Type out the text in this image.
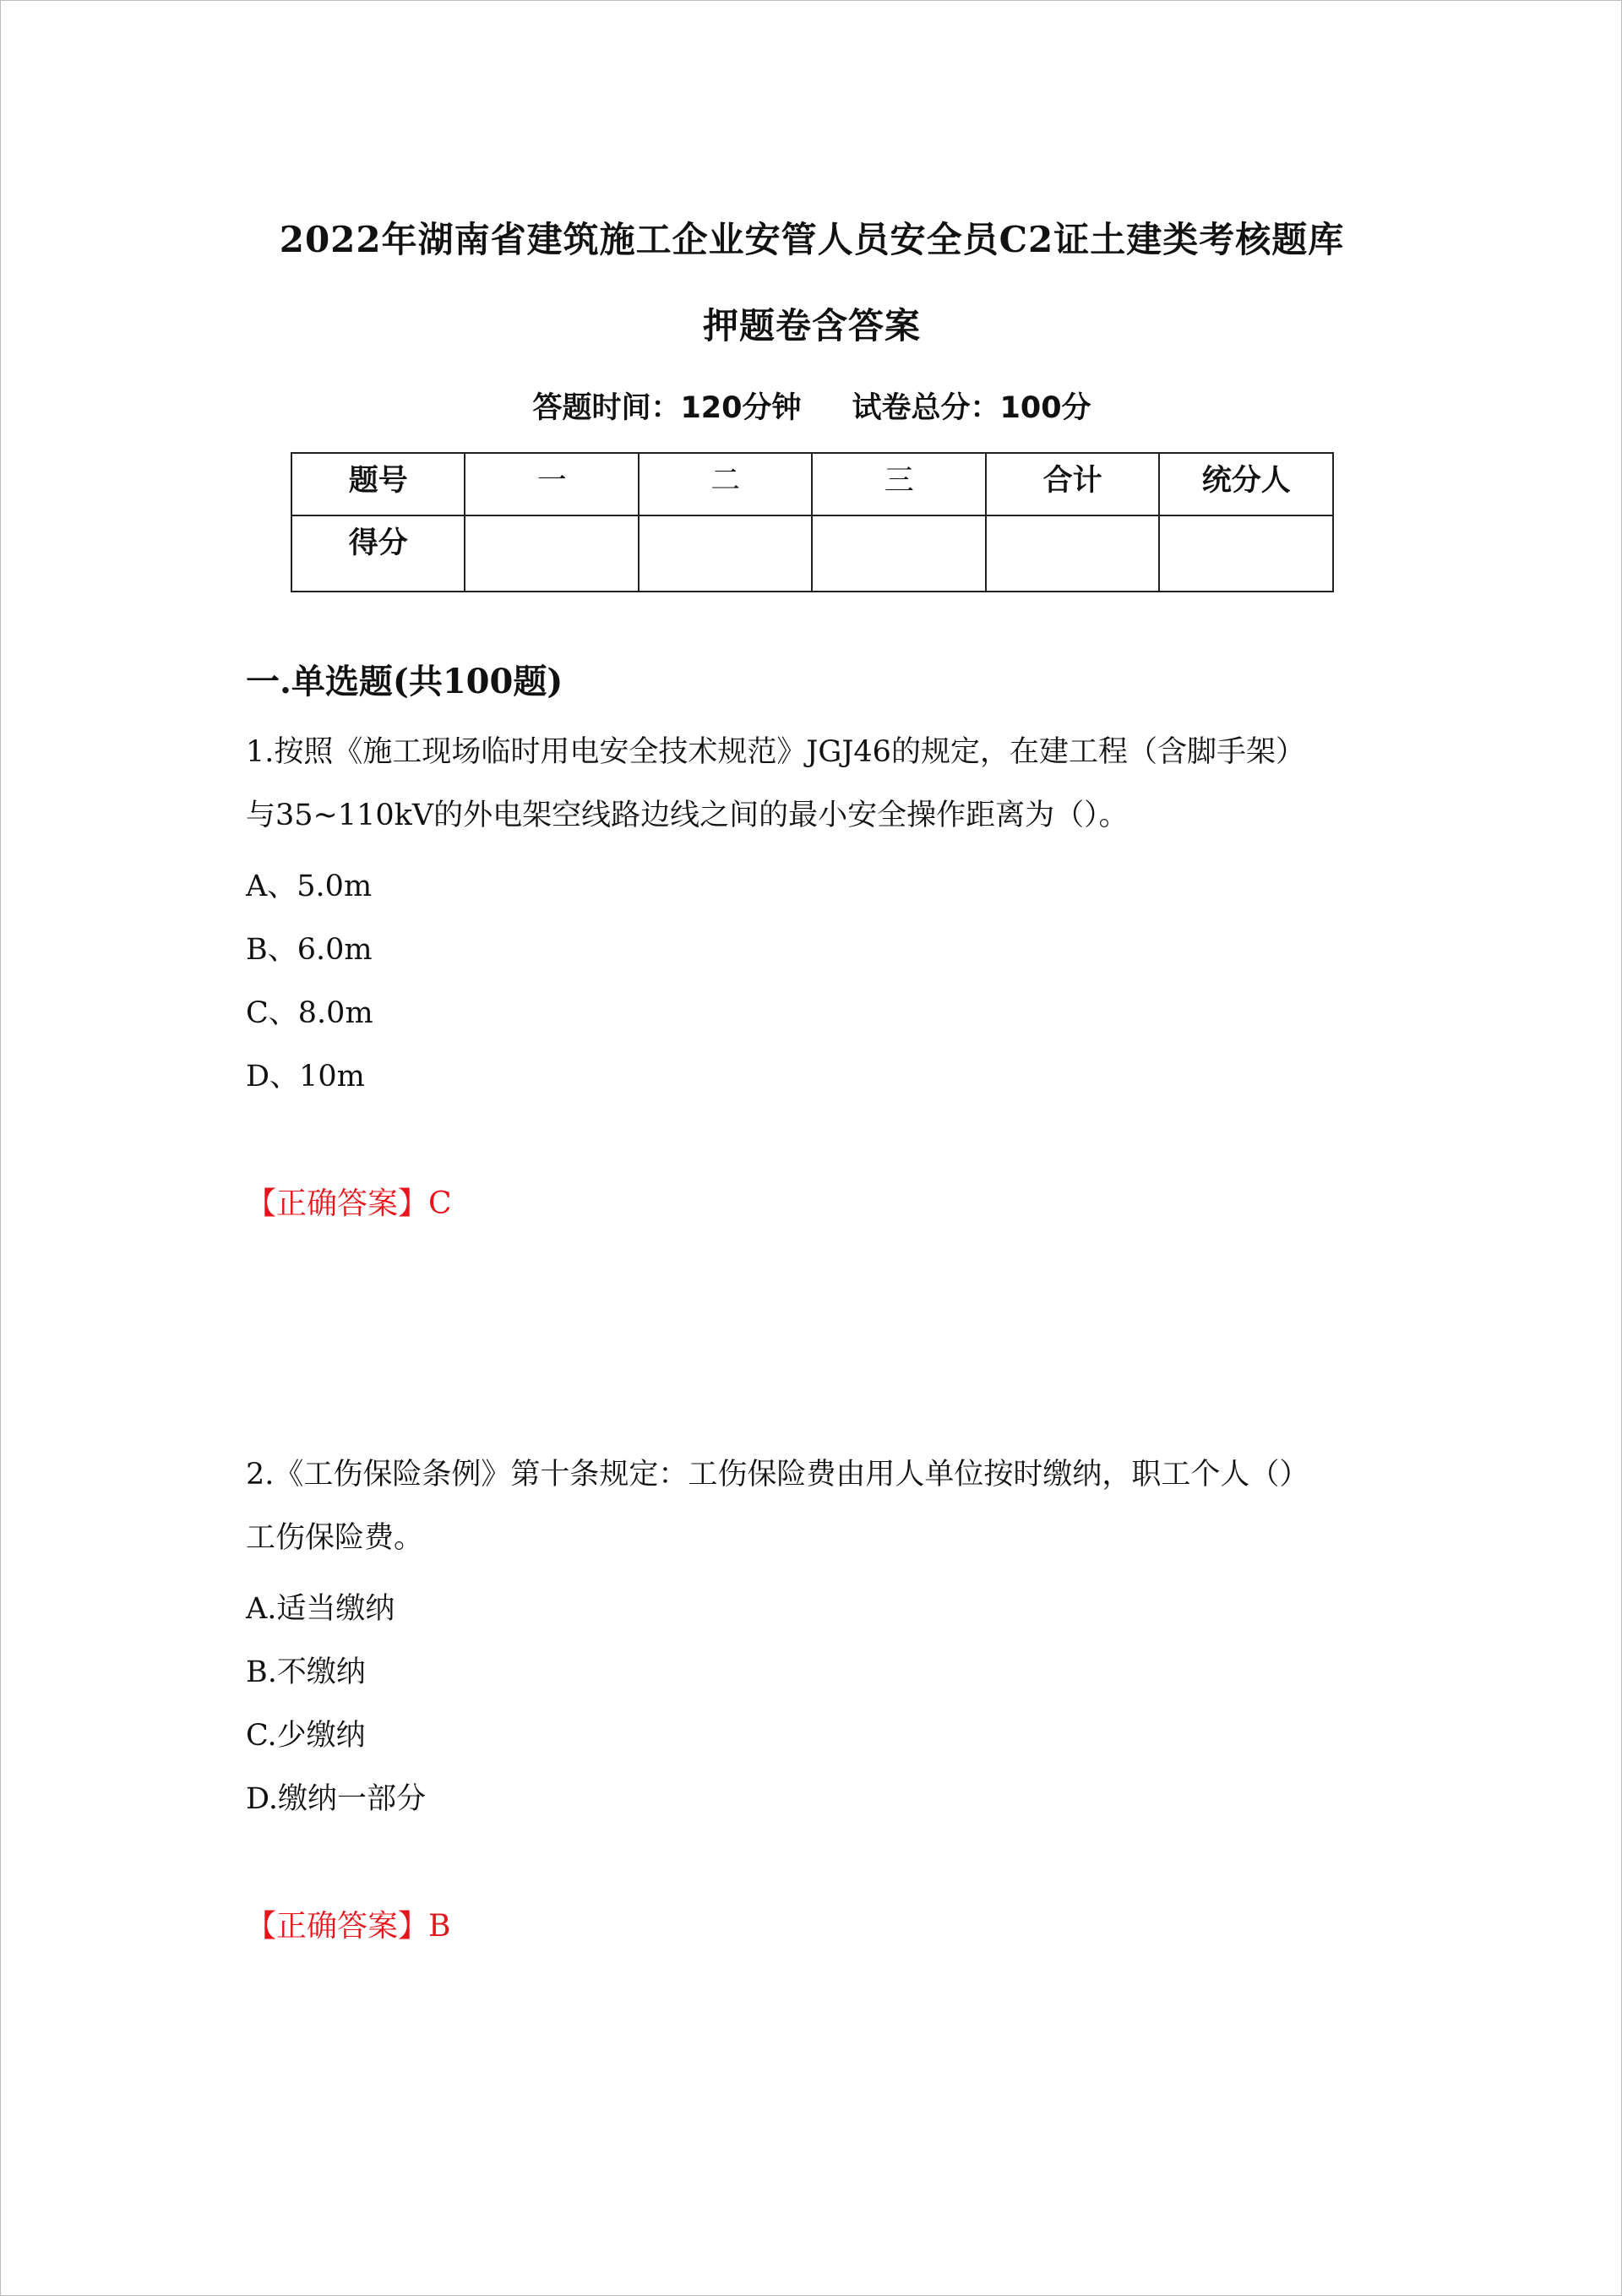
2022年湖南省建筑施工企业安管人员安全员C2证土建类考核题库
押题卷含答案
答题时间：120分钟 试卷总分：100分
题号	一	二	三	合计	统分人
得分					
一.单选题(共100题)
1.按照《施工现场临时用电安全技术规范》JGJ46的规定，在建工程（含脚手架）
与35~110kV的外电架空线路边线之间的最小安全操作距离为（）。
A、5.0m
B、6.0m
C、8.0m
D、10m
【正确答案】C
2.《工伤保险条例》第十条规定：工伤保险费由用人单位按时缴纳，职工个人（）
工伤保险费。
A.适当缴纳
B.不缴纳
C.少缴纳
D.缴纳一部分
【正确答案】B
